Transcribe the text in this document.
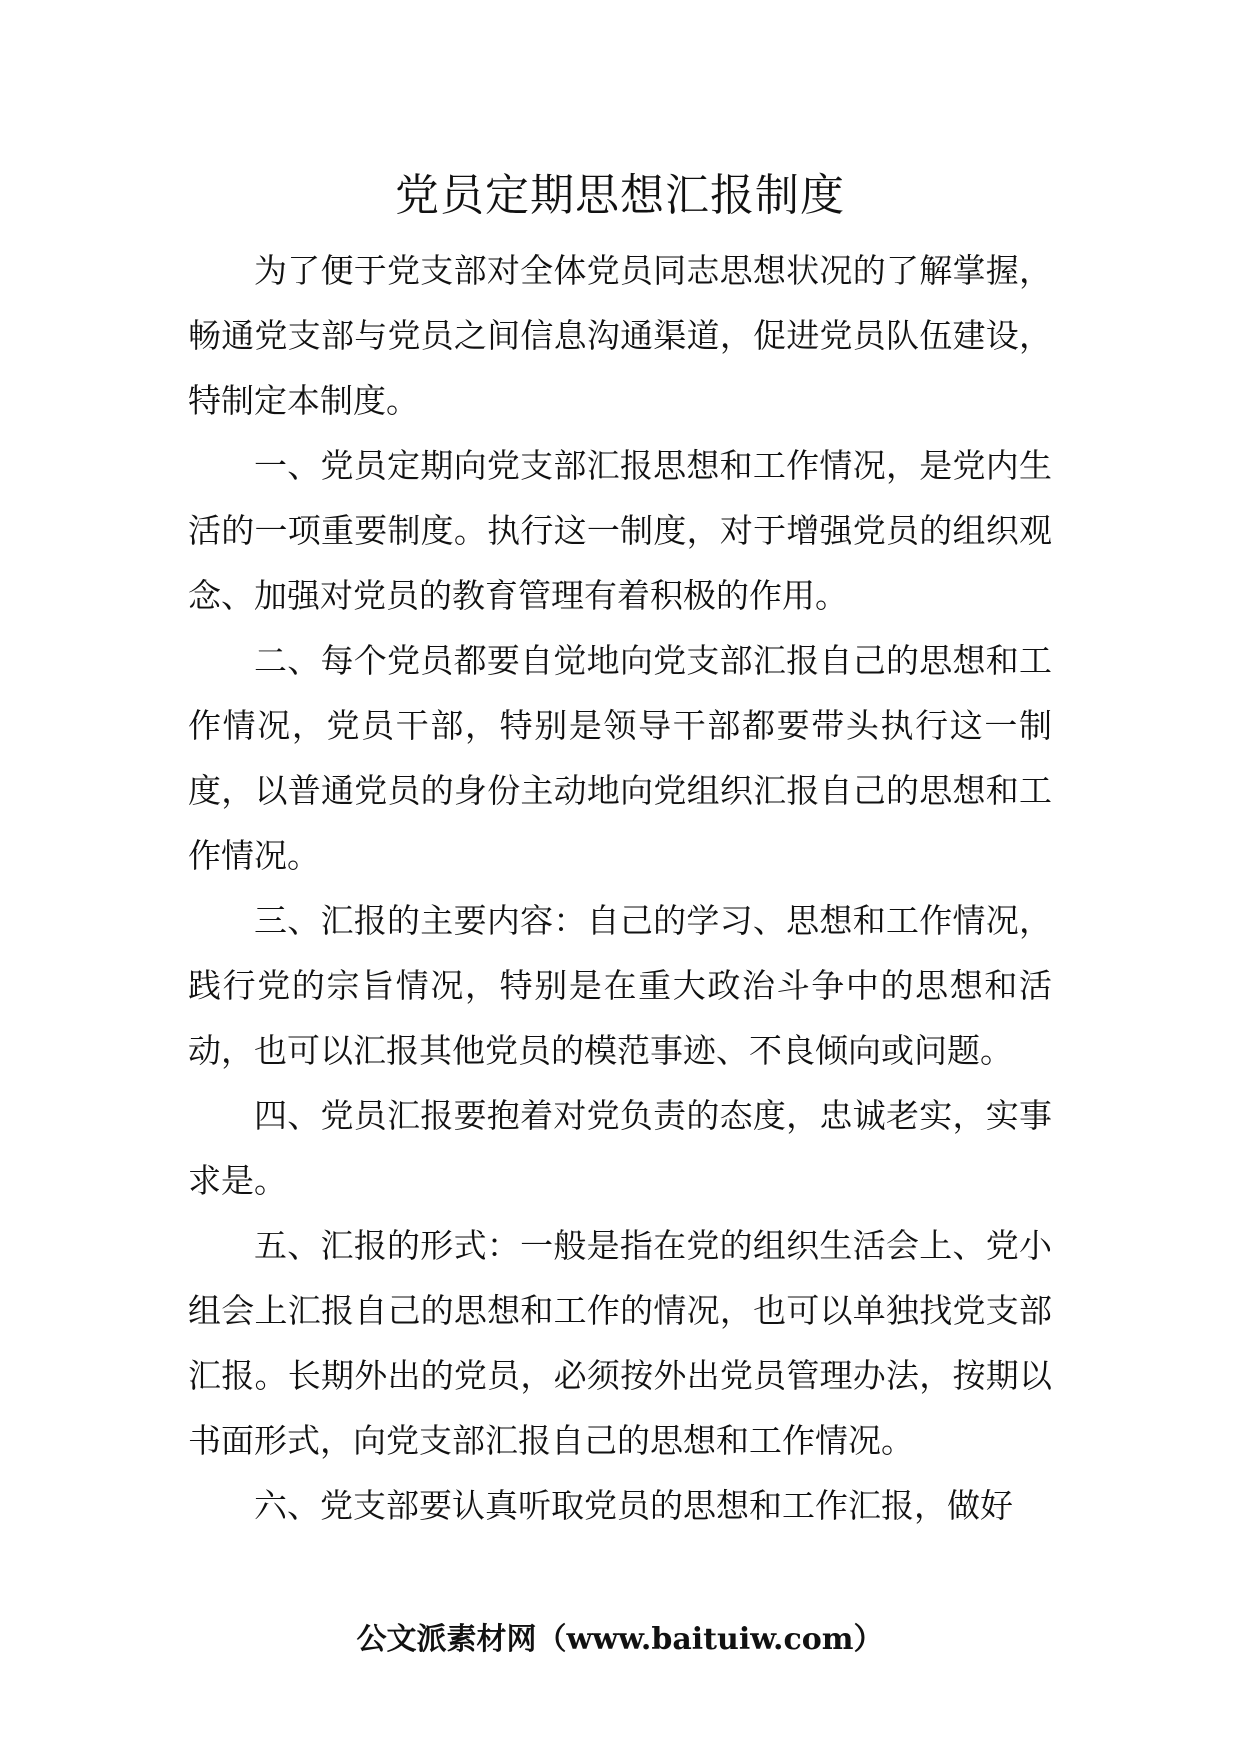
党员定期思想汇报制度

为了便于党支部对全体党员同志思想状况的了解掌握，畅通党支部与党员之间信息沟通渠道，促进党员队伍建设，特制定本制度。

一、党员定期向党支部汇报思想和工作情况，是党内生活的一项重要制度。执行这一制度，对于增强党员的组织观念、加强对党员的教育管理有着积极的作用。

二、每个党员都要自觉地向党支部汇报自己的思想和工作情况，党员干部，特别是领导干部都要带头执行这一制度，以普通党员的身份主动地向党组织汇报自己的思想和工作情况。

三、汇报的主要内容：自己的学习、思想和工作情况，践行党的宗旨情况，特别是在重大政治斗争中的思想和活动，也可以汇报其他党员的模范事迹、不良倾向或问题。

四、党员汇报要抱着对党负责的态度，忠诚老实，实事求是。

五、汇报的形式：一般是指在党的组织生活会上、党小组会上汇报自己的思想和工作的情况，也可以单独找党支部汇报。长期外出的党员，必须按外出党员管理办法，按期以书面形式，向党支部汇报自己的思想和工作情况。

六、党支部要认真听取党员的思想和工作汇报，做好

公文派素材网（www.baituiw.com）
